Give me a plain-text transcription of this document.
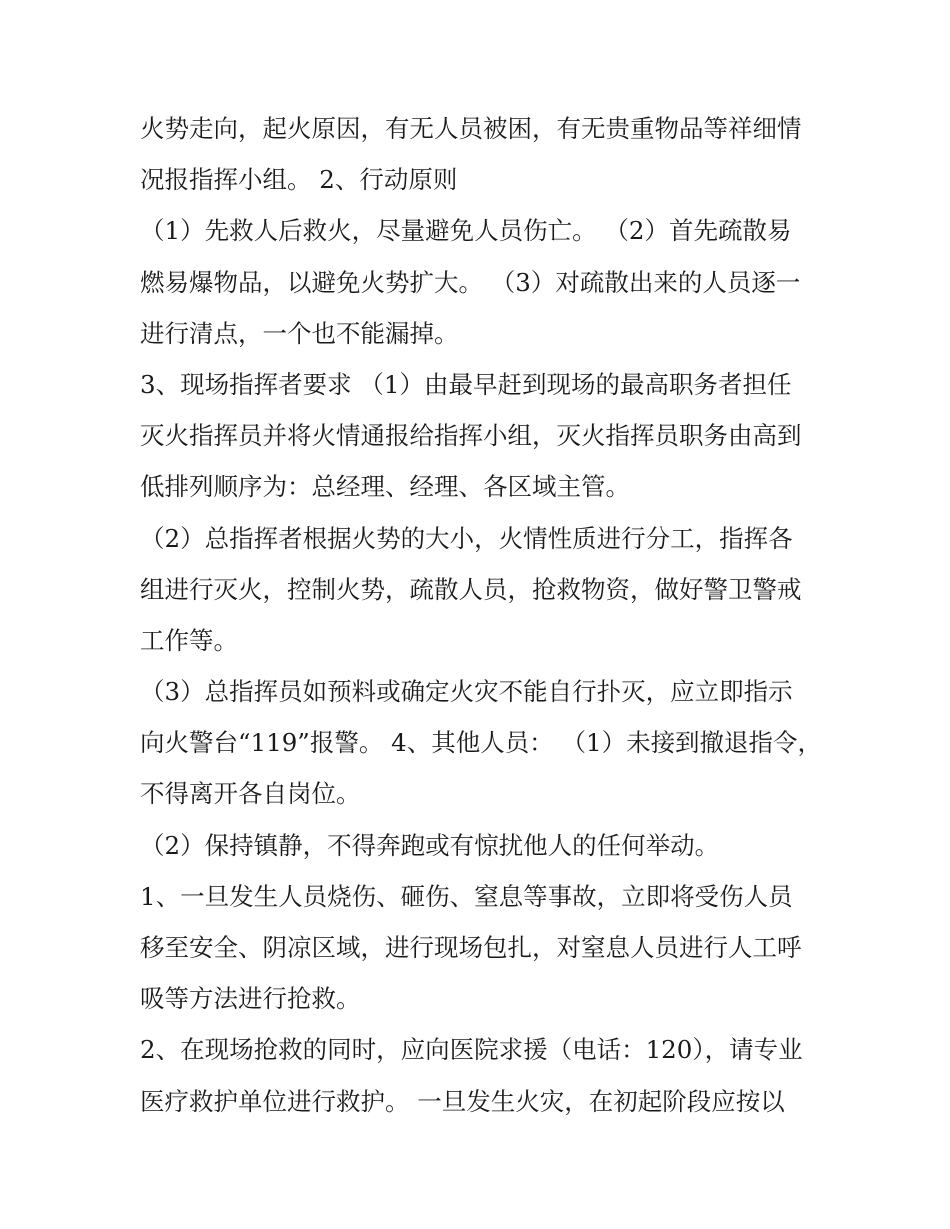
火势走向，起火原因，有无人员被困，有无贵重物品等祥细情

况报指挥小组。 2、行动原则

（1）先救人后救火，尽量避免人员伤亡。 （2）首先疏散易

燃易爆物品，以避免火势扩大。 （3）对疏散出来的人员逐一

进行清点，一个也不能漏掉。

3、现场指挥者要求 （1）由最早赶到现场的最高职务者担任

灭火指挥员并将火情通报给指挥小组，灭火指挥员职务由高到

低排列顺序为：总经理、经理、各区域主管。

（2）总指挥者根据火势的大小，火情性质进行分工，指挥各

组进行灭火，控制火势，疏散人员，抢救物资，做好警卫警戒

工作等。

（3）总指挥员如预料或确定火灾不能自行扑灭，应立即指示

向火警台“119”报警。 4、其他人员： （1）未接到撤退指令，

不得离开各自岗位。

（2）保持镇静，不得奔跑或有惊扰他人的任何举动。

1、一旦发生人员烧伤、砸伤、窒息等事故，立即将受伤人员

移至安全、阴凉区域，进行现场包扎，对窒息人员进行人工呼

吸等方法进行抢救。

2、在现场抢救的同时，应向医院求援（电话：120），请专业

医疗救护单位进行救护。 一旦发生火灾，在初起阶段应按以
